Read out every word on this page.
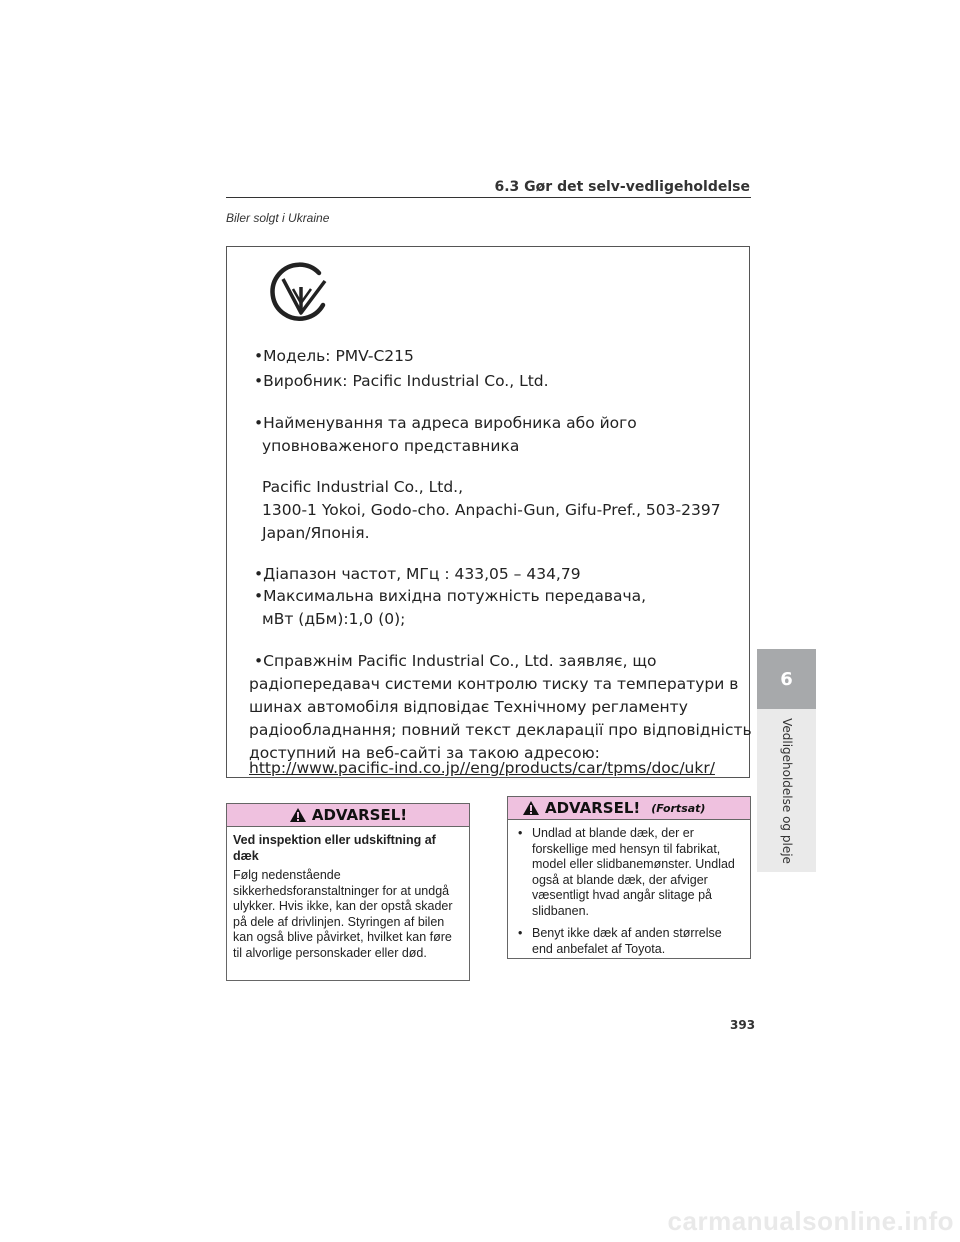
6.3 Gør det selv-vedligeholdelse
Biler solgt i Ukraine
•Модель: PMV-C215
•Виробник: Pacific Industrial Co., Ltd.
•Найменування та адреса виробника або його
уповноваженого представника
Pacific Industrial Co., Ltd.,
1300-1 Yokoi, Godo-cho. Anpachi-Gun, Gifu-Pref., 503-2397
Japan/Японія.
•Діапазон частот, МГц : 433,05 – 434,79
•Максимальна вихідна потужність передавача,
мВт (дБм):1,0 (0);
•Справжнім Pacific Industrial Co., Ltd. заявляє, що
радіопередавач системи контролю тиску та температури в
шинах автомобіля відповідає Технічному регламенту
радіообладнання; повний текст декларації про відповідність
доступний на веб-сайті за такою адресою:
http://www.pacific-ind.co.jp//eng/products/car/tpms/doc/ukr/
ADVARSEL!
Ved inspektion eller udskiftning af dæk
Følg nedenstående sikkerhedsforanstaltninger for at undgå ulykker. Hvis ikke, kan der opstå skader på dele af drivlinjen. Styringen af bilen kan også blive påvirket, hvilket kan føre til alvorlige personskader eller død.
ADVARSEL! (Fortsat)
• Undlad at blande dæk, der er forskellige med hensyn til fabrikat, model eller slidbanemønster. Undlad også at blande dæk, der afviger væsentligt hvad angår slitage på slidbanen.
• Benyt ikke dæk af anden størrelse end anbefalet af Toyota.
6
Vedligeholdelse og pleje
393
carmanualsonline.info
